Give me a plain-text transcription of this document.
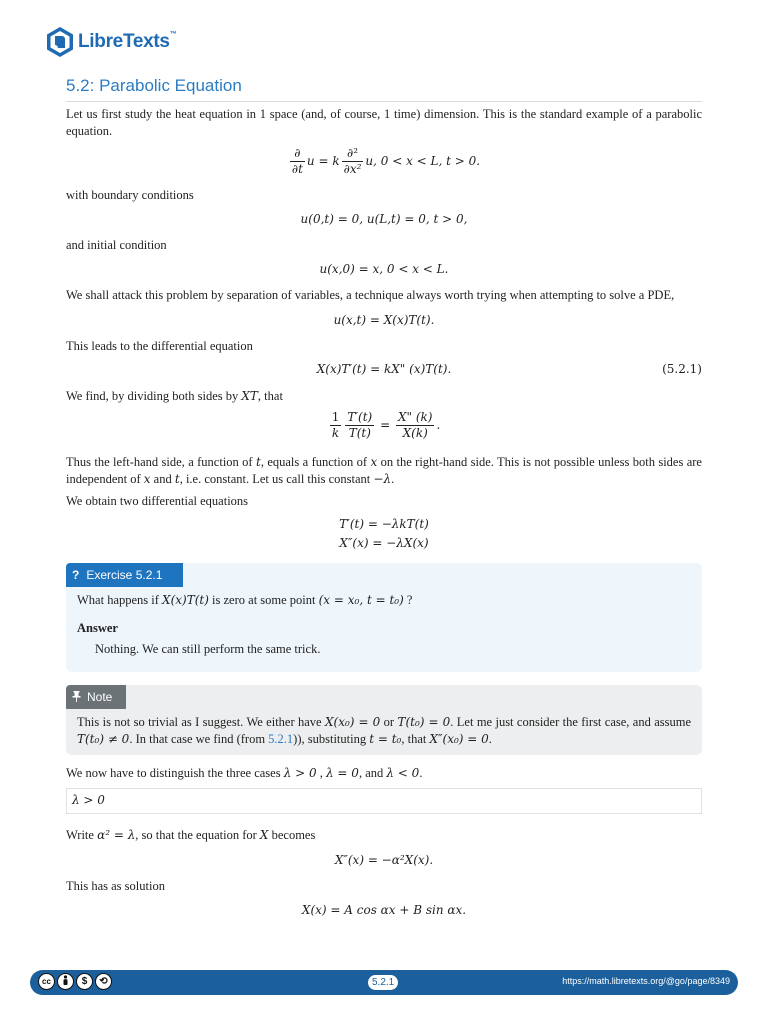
LibreTexts™
5.2: Parabolic Equation
Let us first study the heat equation in 1 space (and, of course, 1 time) dimension. This is the standard example of a parabolic equation.
$\frac{\partial}{\partial t}$ u = k $\frac{\text{∂²}}{\text{∂x²}} u$, 0 < x < L, t > 0.
with boundary conditions
u(0,t) = 0, u(L,t) = 0, t > 0,
and initial condition
u(x,0) = x, 0 < x < L.
We shall attack this problem by separation of variables, a technique always worth trying when attempting to solve a PDE,
u(x,t) = X(x)T(t).
This leads to the differential equation
X(x)T′(t) = kX" (x)T(t).	(5.2.1)
We find, by dividing both sides by XT, that
$\frac{1}{k} \frac{T'(t)}{T(t)} = \frac{X" (k)}{X(k)}$ .
Thus the left-hand side, a function of t, equals a function of x on the right-hand side. This is not possible unless both sides are independent of x and t, i.e. constant. Let us call this constant −λ.
We obtain two differential equations
T′(t) = −λkT(t)
X″(x) = −λX(x)
? Exercise 5.2.1
What happens if X(x)T(t) is zero at some point (x = x₀, t = t₀) ?
Answer
Nothing. We can still perform the same trick.
Note
This is not so trivial as I suggest. We either have X(x₀) = 0 or T(t₀) = 0. Let me just consider the first case, and assume T(t₀) ≠ 0. In that case we find (from 5.2.1)), substituting t = t₀, that X″(x₀) = 0.
We now have to distinguish the three cases λ > 0 , λ = 0, and λ < 0.
λ > 0
Write α² = λ, so that the equation for X becomes
X″(x) = −α²X(x).
This has as solution
X(x) = A cos αx + B sin αx.
cc	$	⟲	5.2.1	https://math.libretexts.org/@go/page/8349
